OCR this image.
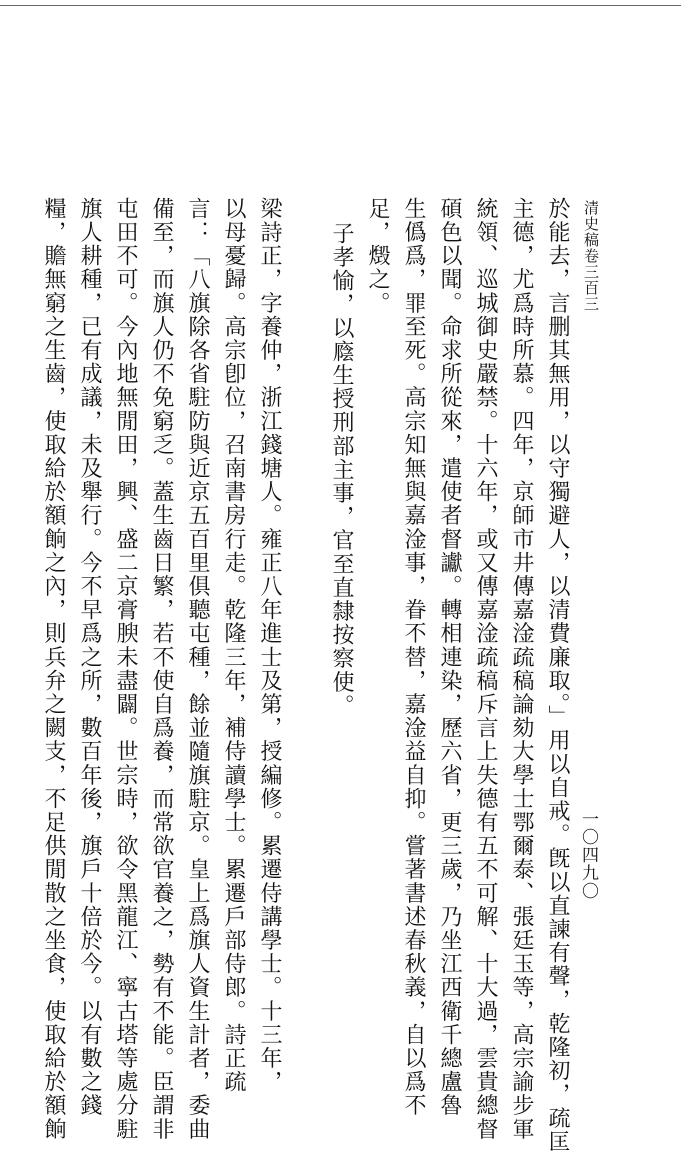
清史稿卷三百三
一〇四九〇
於能去，言删其無用，以守獨避人，以清費廉取。」用以自戒。旣以直諫有聲，乾隆初，疏匡
主德，尤爲時所慕。四年，京師市井傳嘉淦疏稿論劾大學士鄂爾泰、張廷玉等，高宗諭步軍
統領、巡城御史嚴禁。十六年，或又傳嘉淦疏稿斥言上失德有五不可解、十大過，雲貴總督
碩色以聞。命求所從來，遣使者督讞。轉相連染，歷六省，更三歲，乃坐江西衛千總盧魯
生僞爲，罪至死。高宗知無與嘉淦事，眷不替，嘉淦益自抑。嘗著書述春秋義，自以爲不
足，燬之。
子孝愉，以廕生授刑部主事，官至直隸按察使。
梁詩正，字養仲，浙江錢塘人。雍正八年進士及第，授編修。累遷侍講學士。十三年，
以母憂歸。高宗卽位，召南書房行走。乾隆三年，補侍讀學士。累遷戶部侍郎。詩正疏
言：「八旗除各省駐防與近京五百里俱聽屯種，餘並隨旗駐京。皇上爲旗人資生計者，委曲
備至，而旗人仍不免窮乏。蓋生齒日繁，若不使自爲養，而常欲官養之，勢有不能。臣謂非
屯田不可。今內地無閒田，興、盛二京膏腴未盡闢。世宗時，欲令黑龍江、寧古塔等處分駐
旗人耕種，已有成議，未及舉行。今不早爲之所，數百年後，旗戶十倍於今。以有數之錢
糧，贍無窮之生齒，使取給於額餉之內，則兵弁之闕支，不足供閒散之坐食，使取給於額餉
